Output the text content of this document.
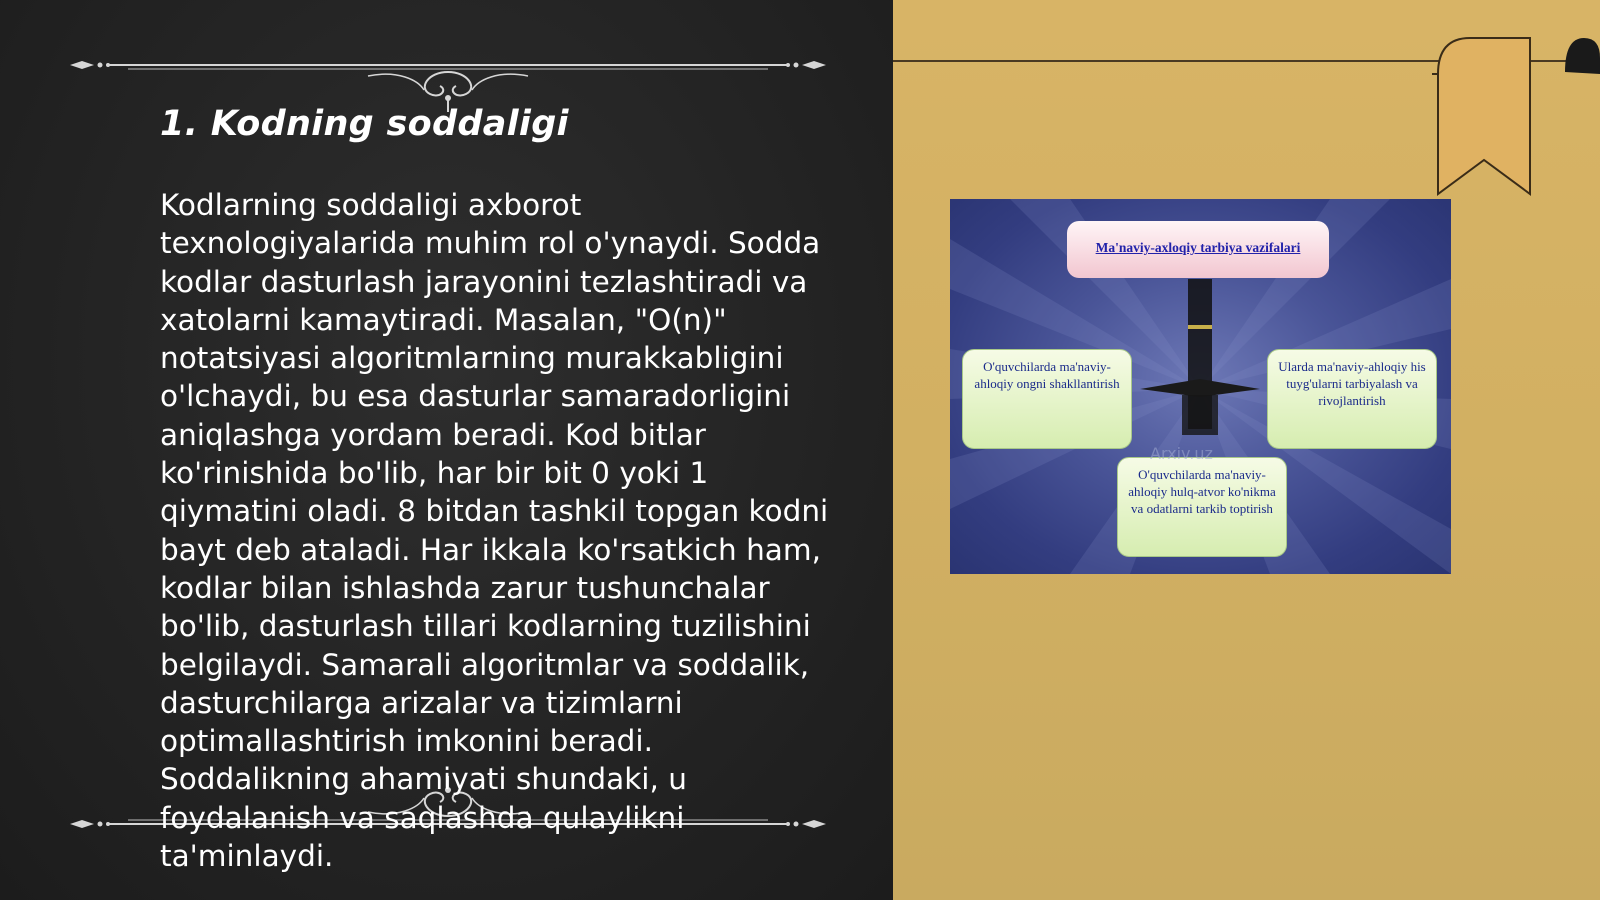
1. Kodning soddaligi

Kodlarning soddaligi axborot texnologiyalarida muhim rol o'ynaydi. Sodda kodlar dasturlash jarayonini tezlashtiradi va xatolarni kamaytiradi. Masalan, "O(n)" notatsiyasi algoritmlarning murakkabligini o'lchaydi, bu esa dasturlar samaradorligini aniqlashga yordam beradi. Kod bitlar ko'rinishida bo'lib, har bir bit 0 yoki 1 qiymatini oladi. 8 bitdan tashkil topgan kodni bayt deb ataladi. Har ikkala ko'rsatkich ham, kodlar bilan ishlashda zarur tushunchalar bo'lib, dasturlash tillari kodlarning tuzilishini belgilaydi. Samarali algoritmlar va soddalik, dasturchilarga arizalar va tizimlarni optimallashtirish imkonini beradi. Soddalikning ahamiyati shundaki, u foydalanish va saqlashda qulaylikni ta'minlaydi.

Ma'naviy-axloqiy tarbiya vazifalari
O'quvchilarda ma'naviy-ahloqiy ongni shakllantirish
Ularda ma'naviy-ahloqiy his tuyg'ularni tarbiyalash va rivojlantirish
O'quvchilarda ma'naviy-ahloqiy hulq-atvor ko'nikma va odatlarni tarkib toptirish
Arxiv.uz
